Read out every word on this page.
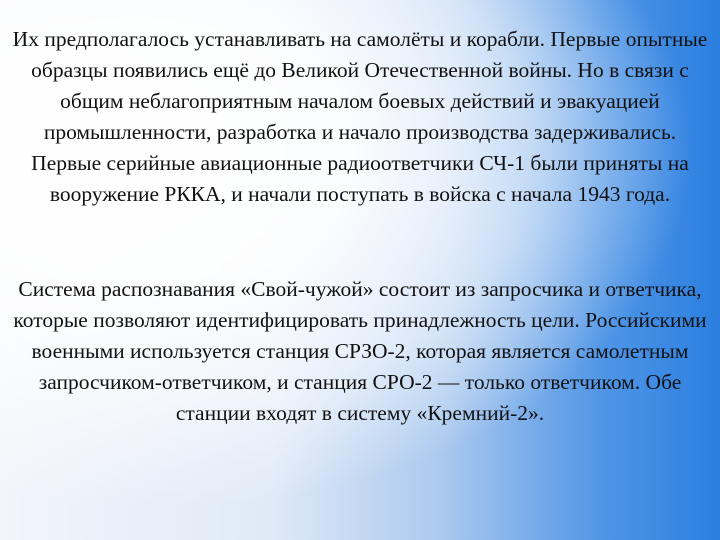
Их предполагалось устанавливать на самолёты и корабли. Первые опытные образцы появились ещё до Великой Отечественной войны. Но в связи с общим неблагоприятным началом боевых действий и эвакуацией промышленности, разработка и начало производства задерживались. Первые серийные авиационные радиоответчики СЧ-1 были приняты на вооружение РККА, и начали поступать в войска с начала 1943 года.

Система распознавания «Свой-чужой» состоит из запросчика и ответчика, которые позволяют идентифицировать принадлежность цели. Российскими военными используется станция СРЗО-2, которая является самолетным запросчиком-ответчиком, и станция СРО-2 — только ответчиком. Обе станции входят в систему «Кремний-2».
